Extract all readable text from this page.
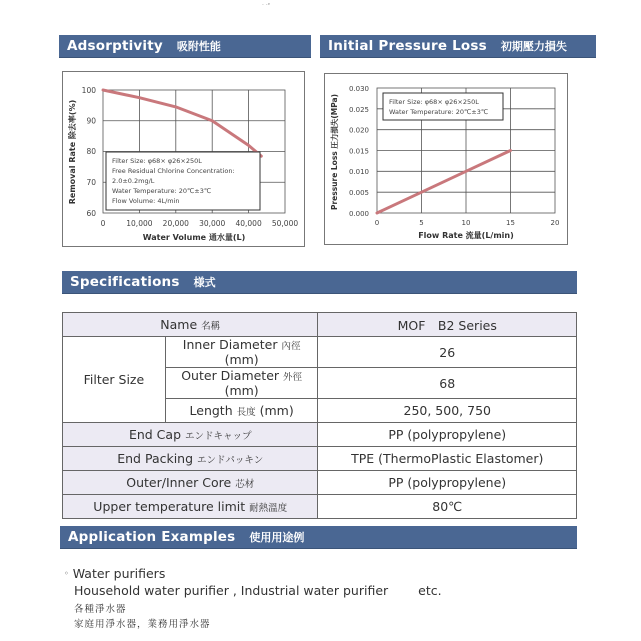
· ·ᵉ
Adsorptivity 吸附性能	Initial Pressure Loss 初期壓力損失
100
90
80
70
60
0	10,000 20,000 30,000 40,000 50,000
Water Volume 通水量(L)
Removal Rate 除去率(%)	Filter Size: φ68× φ26×250L
Free Residual Chlorine Concentration:
2.0±0.2mg/L
Water Temperature: 20℃±3℃
Flow Volume: 4L/min
Filter Size: φ68× φ26×250L
Water Temperature: 20℃±3℃
0.030
0.025
0.020
0.015
0.010
0.005
0.000
0	5	10	15	20
Flow Rate 流量(L/min)
Pressure Loss 圧力損失(MPa)
Specifications 様式
Name 名稱		MOF　B2 Series
Filter Size	Inner Diameter 內徑 (mm)	26
	Outer Diameter 外徑 (mm)	68
	Length 長度 (mm)	250, 500, 750
End Cap エンドキャップ		PP (polypropylene)
End Packing エンドパッキン		TPE (ThermoPlastic Elastomer)
Outer/Inner Core 芯材		PP (polypropylene)
Upper temperature limit 耐熱溫度		80℃
Application Examples 使用用途例
◦ Water purifiers
Household water purifier , Industrial water purifier etc.
各種淨水器
家庭用淨水器，業務用淨水器
